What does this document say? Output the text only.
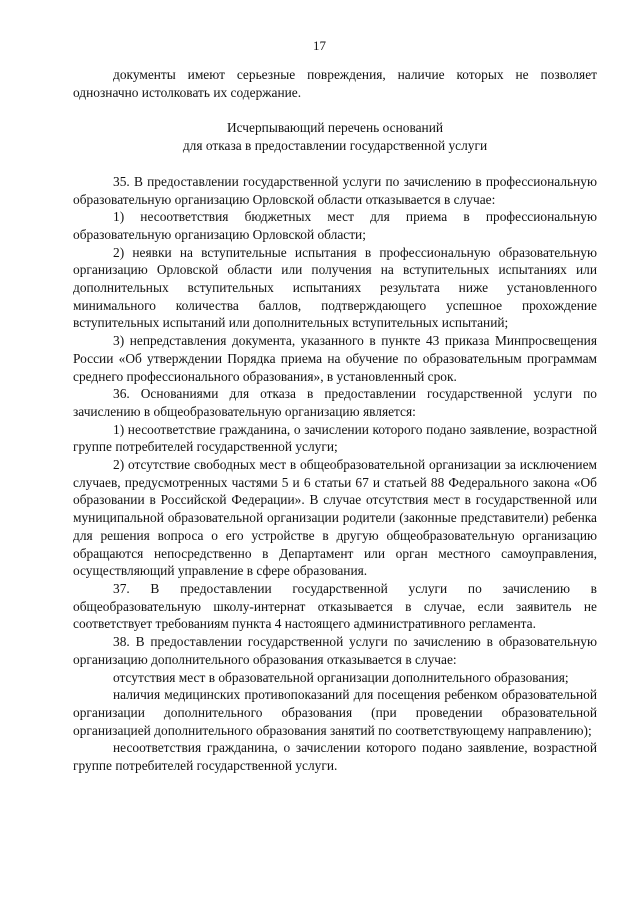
17

документы имеют серьезные повреждения, наличие которых не позволяет однозначно истолковать их содержание.

Исчерпывающий перечень оснований

для отказа в предоставлении государственной услуги

35. В предоставлении государственной услуги по зачислению в профессиональную образовательную организацию Орловской области отказывается в случае:

1) несоответствия бюджетных мест для приема в профессиональную образовательную организацию Орловской области;

2) неявки на вступительные испытания в профессиональную образовательную организацию Орловской области или получения на вступительных испытаниях или дополнительных вступительных испытаниях результата ниже установленного минимального количества баллов, подтверждающего успешное прохождение вступительных испытаний или дополнительных вступительных испытаний;

3) непредставления документа, указанного в пункте 43 приказа Минпросвещения России «Об утверждении Порядка приема на обучение по образовательным программам среднего профессионального образования», в установленный срок.

36. Основаниями для отказа в предоставлении государственной услуги по зачислению в общеобразовательную организацию является:

1) несоответствие гражданина, о зачислении которого подано заявление, возрастной группе потребителей государственной услуги;

2) отсутствие свободных мест в общеобразовательной организации за исключением случаев, предусмотренных частями 5 и 6 статьи 67 и статьей 88 Федерального закона «Об образовании в Российской Федерации». В случае отсутствия мест в государственной или муниципальной образовательной организации родители (законные представители) ребенка для решения вопроса о его устройстве в другую общеобразовательную организацию обращаются непосредственно в Департамент или орган местного самоуправления, осуществляющий управление в сфере образования.

37. В предоставлении государственной услуги по зачислению в общеобразовательную школу-интернат отказывается в случае, если заявитель не соответствует требованиям пункта 4 настоящего административного регламента.

38. В предоставлении государственной услуги по зачислению в образовательную организацию дополнительного образования отказывается в случае:

отсутствия мест в образовательной организации дополнительного образования;

наличия медицинских противопоказаний для посещения ребенком образовательной организации дополнительного образования (при проведении образовательной организацией дополнительного образования занятий по соответствующему направлению);

несоответствия гражданина, о зачислении которого подано заявление, возрастной группе потребителей государственной услуги.
